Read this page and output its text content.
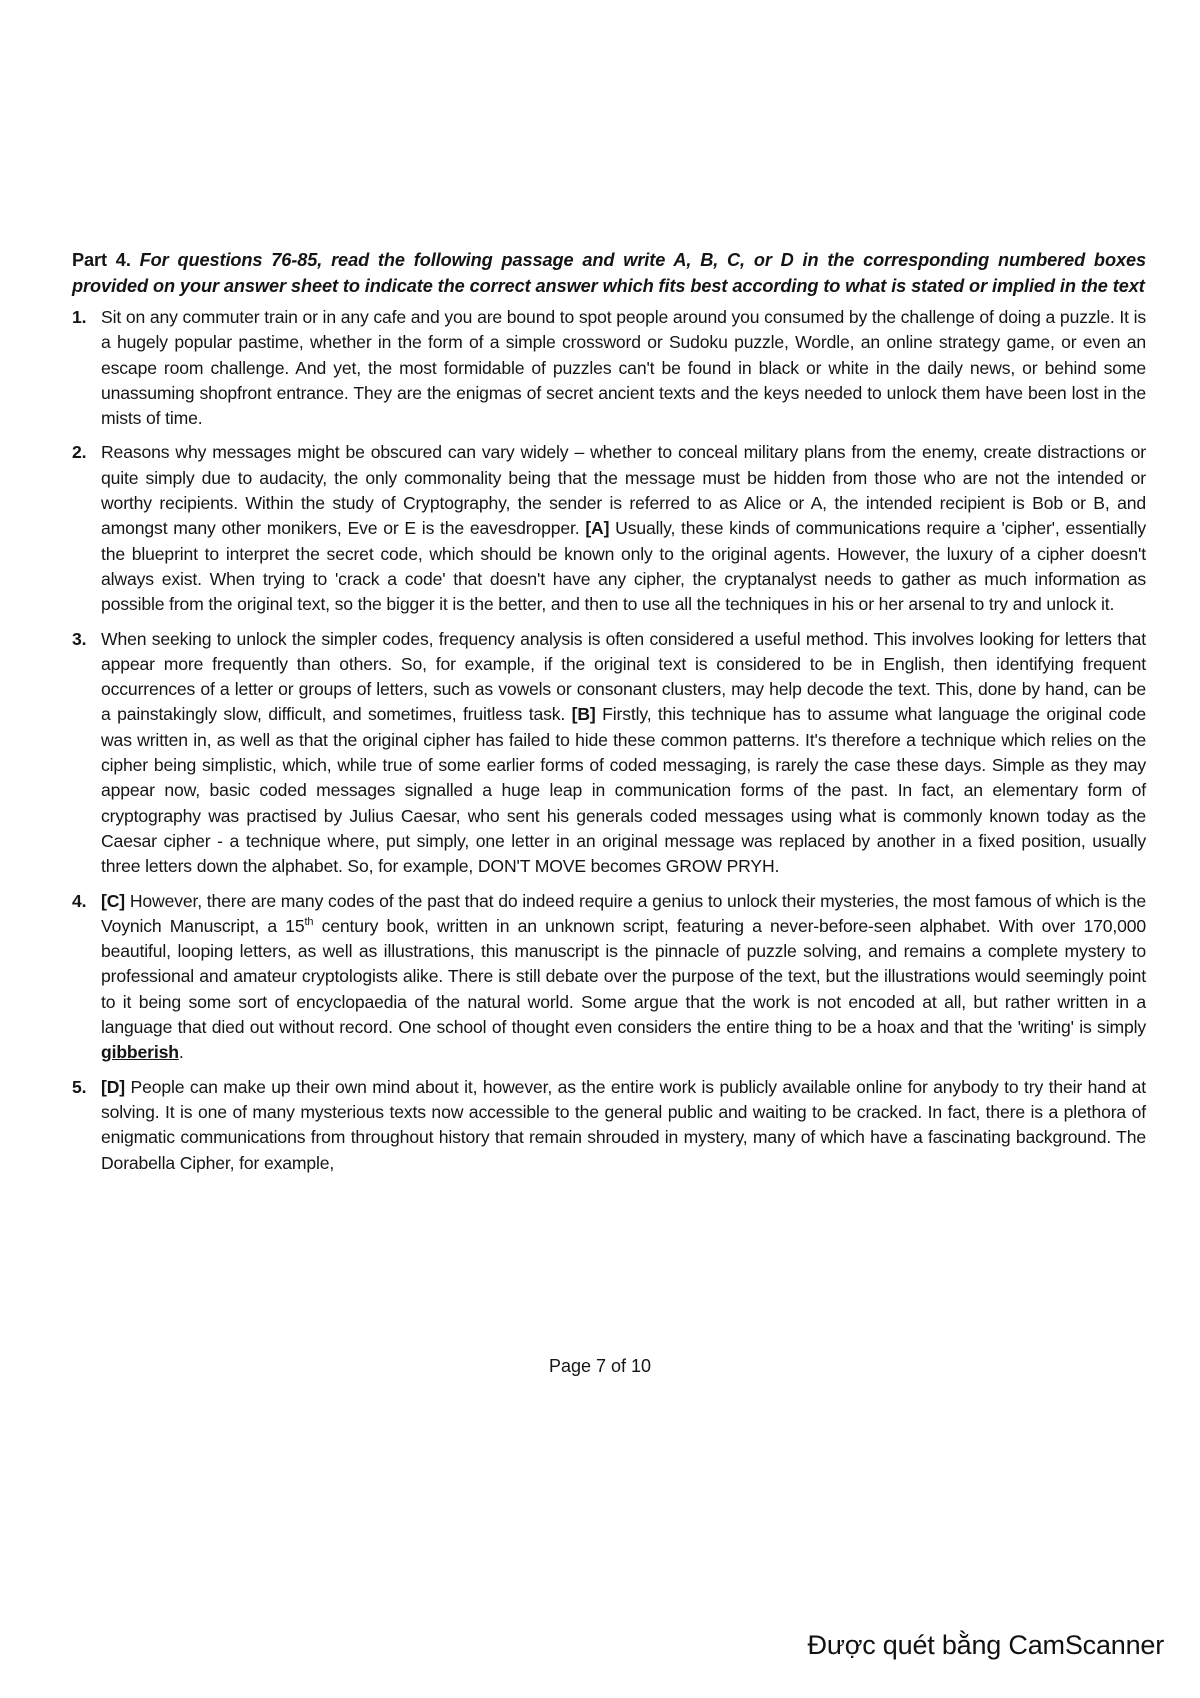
Part 4. For questions 76-85, read the following passage and write A, B, C, or D in the corresponding numbered boxes provided on your answer sheet to indicate the correct answer which fits best according to what is stated or implied in the text

1. Sit on any commuter train or in any cafe and you are bound to spot people around you consumed by the challenge of doing a puzzle. It is a hugely popular pastime, whether in the form of a simple crossword or Sudoku puzzle, Wordle, an online strategy game, or even an escape room challenge. And yet, the most formidable of puzzles can't be found in black or white in the daily news, or behind some unassuming shopfront entrance. They are the enigmas of secret ancient texts and the keys needed to unlock them have been lost in the mists of time.
2. Reasons why messages might be obscured can vary widely – whether to conceal military plans from the enemy, create distractions or quite simply due to audacity, the only commonality being that the message must be hidden from those who are not the intended or worthy recipients. Within the study of Cryptography, the sender is referred to as Alice or A, the intended recipient is Bob or B, and amongst many other monikers, Eve or E is the eavesdropper. [A] Usually, these kinds of communications require a 'cipher', essentially the blueprint to interpret the secret code, which should be known only to the original agents. However, the luxury of a cipher doesn't always exist. When trying to 'crack a code' that doesn't have any cipher, the cryptanalyst needs to gather as much information as possible from the original text, so the bigger it is the better, and then to use all the techniques in his or her arsenal to try and unlock it.
3. When seeking to unlock the simpler codes, frequency analysis is often considered a useful method. This involves looking for letters that appear more frequently than others. So, for example, if the original text is considered to be in English, then identifying frequent occurrences of a letter or groups of letters, such as vowels or consonant clusters, may help decode the text. This, done by hand, can be a painstakingly slow, difficult, and sometimes, fruitless task. [B] Firstly, this technique has to assume what language the original code was written in, as well as that the original cipher has failed to hide these common patterns. It's therefore a technique which relies on the cipher being simplistic, which, while true of some earlier forms of coded messaging, is rarely the case these days. Simple as they may appear now, basic coded messages signalled a huge leap in communication forms of the past. In fact, an elementary form of cryptography was practised by Julius Caesar, who sent his generals coded messages using what is commonly known today as the Caesar cipher - a technique where, put simply, one letter in an original message was replaced by another in a fixed position, usually three letters down the alphabet. So, for example, DON'T MOVE becomes GROW PRYH.
4. [C] However, there are many codes of the past that do indeed require a genius to unlock their mysteries, the most famous of which is the Voynich Manuscript, a 15th century book, written in an unknown script, featuring a never-before-seen alphabet. With over 170,000 beautiful, looping letters, as well as illustrations, this manuscript is the pinnacle of puzzle solving, and remains a complete mystery to professional and amateur cryptologists alike. There is still debate over the purpose of the text, but the illustrations would seemingly point to it being some sort of encyclopaedia of the natural world. Some argue that the work is not encoded at all, but rather written in a language that died out without record. One school of thought even considers the entire thing to be a hoax and that the 'writing' is simply gibberish.
5. [D] People can make up their own mind about it, however, as the entire work is publicly available online for anybody to try their hand at solving. It is one of many mysterious texts now accessible to the general public and waiting to be cracked. In fact, there is a plethora of enigmatic communications from throughout history that remain shrouded in mystery, many of which have a fascinating background. The Dorabella Cipher, for example,
Page 7 of 10
Được quét bằng CamScanner
